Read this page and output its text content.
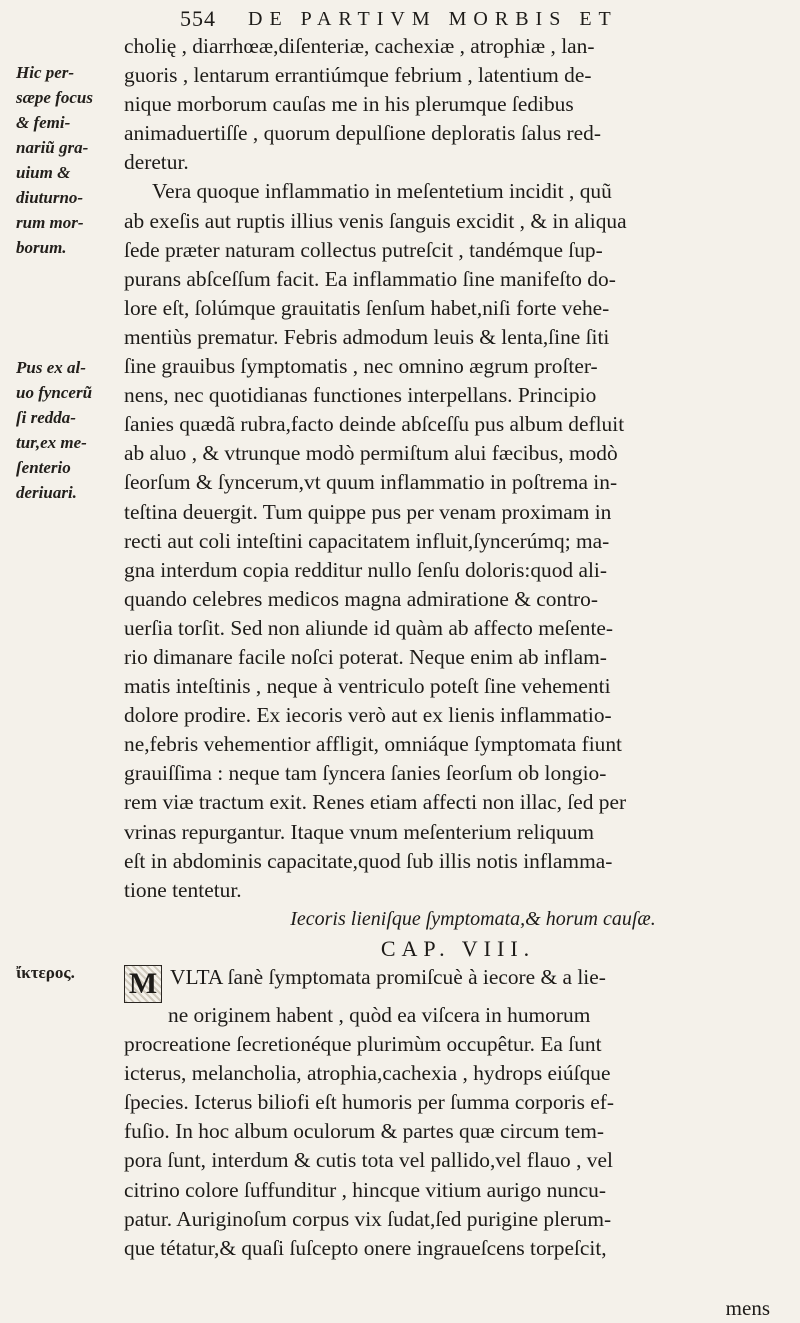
554 DE PARTIVM MORBIS ET
Hic per-
sæpe focus
& femi-
nariũ gra-
uium &
diuturno-
rum mor-
borum.
Pus ex al-
uo fyncerũ
ſi redda-
tur,ex me-
ſenterio
deriuari.
ἴκτερος.
cholię , diarrhœæ,diſenteriæ, cachexiæ , atrophiæ , lan-
guoris , lentarum errantiúmque febrium , latentium de-
nique morborum cauſas me in his plerumque ſedibus
animaduertiſſe , quorum depulſione deploratis ſalus red-
deretur.
Vera quoque inflammatio in meſentetium incidit , quũ
ab exeſis aut ruptis illius venis ſanguis excidit , & in aliqua
ſede præter naturam collectus putreſcit , tandémque ſup-
purans abſceſſum facit. Ea inflammatio ſine manifeſto do-
lore eſt, ſolúmque grauitatis ſenſum habet,niſi forte vehe-
mentiùs prematur. Febris admodum leuis & lenta,ſine ſiti
ſine grauibus ſymptomatis , nec omnino ægrum proſter-
nens, nec quotidianas functiones interpellans. Principio
ſanies quædã rubra,facto deinde abſceſſu pus album defluit
ab aluo , & vtrunque modò permiſtum alui fæcibus, modò
ſeorſum & ſyncerum,vt quum inflammatio in poſtrema in-
teſtina deuergit. Tum quippe pus per venam proximam in
recti aut coli inteſtini capacitatem influit,ſyncerúmq; ma-
gna interdum copia redditur nullo ſenſu doloris:quod ali-
quando celebres medicos magna admiratione & contro-
uerſia torſit. Sed non aliunde id quàm ab affecto meſente-
rio dimanare facile noſci poterat. Neque enim ab inflam-
matis inteſtinis , neque à ventriculo poteſt ſine vehementi
dolore prodire. Ex iecoris verò aut ex lienis inflammatio-
ne,febris vehementior affligit, omniáque ſymptomata fiunt
grauiſſima : neque tam ſyncera ſanies ſeorſum ob longio-
rem viæ tractum exit. Renes etiam affecti non illac, ſed per
vrinas repurgantur. Itaque vnum meſenterium reliquum
eſt in abdominis capacitate,quod ſub illis notis inflamma-
tione tentetur.
Iecoris lieniſque ſymptomata,& horum cauſæ.
CAP. VIII.
M VLTA ſanè ſymptomata promiſcuè à iecore & a lie-
ne originem habent , quòd ea viſcera in humorum
procreatione ſecretionéque plurimùm occupêtur. Ea ſunt
icterus, melancholia, atrophia,cachexia , hydrops eiúſque
ſpecies. Icterus biliofi eſt humoris per ſumma corporis ef-
fuſio. In hoc album oculorum & partes quæ circum tem-
pora ſunt, interdum & cutis tota vel pallido,vel flauo , vel
citrino colore ſuffunditur , hincque vitium aurigo nuncu-
patur. Auriginoſum corpus vix ſudat,ſed purigine plerum-
que tétatur,& quaſi ſuſcepto onere ingraueſcens torpeſcit,
mens
